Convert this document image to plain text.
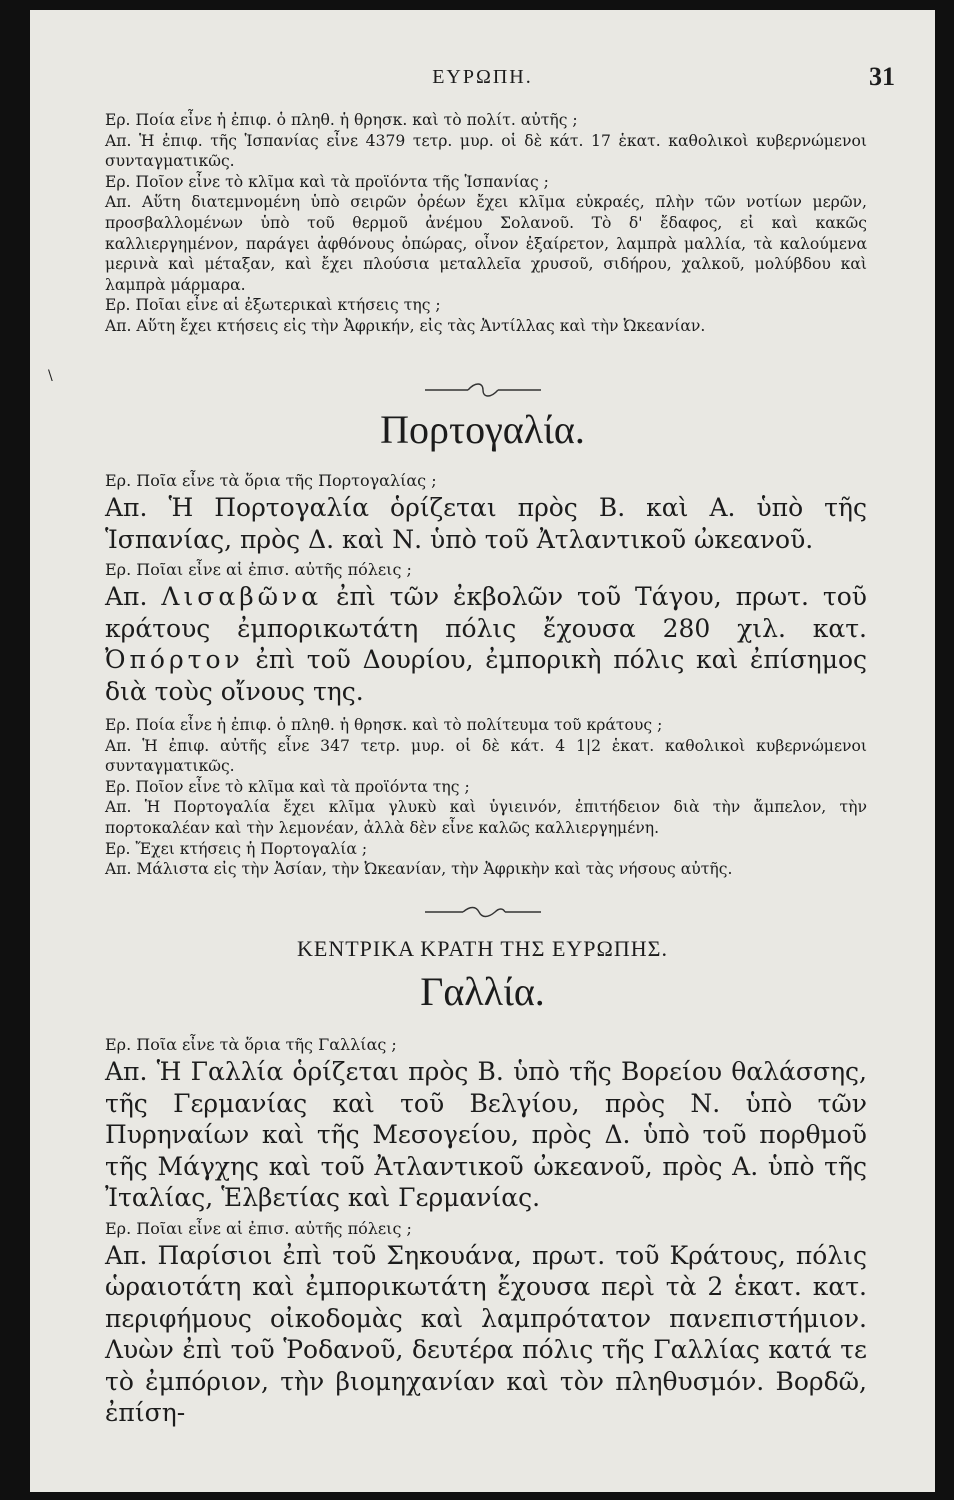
ΕΥΡΩΠΗ.	31

Ερ. Ποία εἶνε ἡ ἐπιφ. ὁ πληθ. ἡ θρησκ. καὶ τὸ πολίτ. αὐτῆς ;

Απ. Ἡ ἐπιφ. τῆς Ἱσπανίας εἶνε 4379 τετρ. μυρ. οἱ δὲ κάτ. 17 ἑκατ. καθολικοὶ κυβερνώμενοι συνταγματικῶς.

Ερ. Ποῖον εἶνε τὸ κλῖμα καὶ τὰ προϊόντα τῆς Ἱσπανίας ;

Απ. Αὕτη διατεμνομένη ὑπὸ σειρῶν ὀρέων ἔχει κλῖμα εὐκραές, πλὴν τῶν νοτίων μερῶν, προσβαλλομένων ὑπὸ τοῦ θερμοῦ ἀνέμου Σολανοῦ. Τὸ δ' ἔδαφος, εἰ καὶ κακῶς καλλιεργημένον, παράγει ἀφθόνους ὀπώρας, οἶνον ἐξαίρετον, λαμπρὰ μαλλία, τὰ καλούμενα μερινὰ καὶ μέταξαν, καὶ ἔχει πλούσια μεταλλεῖα χρυσοῦ, σιδήρου, χαλκοῦ, μολύβδου καὶ λαμπρὰ μάρμαρα.

Ερ. Ποῖαι εἶνε αἱ ἐξωτερικαὶ κτήσεις της ;

Απ. Αὕτη ἔχει κτήσεις εἰς τὴν Ἀφρικήν, εἰς τὰς Ἀντίλλας καὶ τὴν Ὠκεανίαν.

\
Πορτογαλία.

Ερ. Ποῖα εἶνε τὰ ὅρια τῆς Πορτογαλίας ;

Απ. Ἡ Πορτογαλία ὁρίζεται πρὸς Β. καὶ Α. ὑπὸ τῆς Ἱσπανίας, πρὸς Δ. καὶ Ν. ὑπὸ τοῦ Ἀτλαντικοῦ ὠκεανοῦ.

Ερ. Ποῖαι εἶνε αἱ ἐπισ. αὐτῆς πόλεις ;

Απ. Λισαβῶνα ἐπὶ τῶν ἐκβολῶν τοῦ Τάγου, πρωτ. τοῦ κράτους ἐμπορικωτάτη πόλις ἔχουσα 280 χιλ. κατ. Ὀπόρτον ἐπὶ τοῦ Δουρίου, ἐμπορικὴ πόλις καὶ ἐπίσημος διὰ τοὺς οἴνους της.

Ερ. Ποία εἶνε ἡ ἐπιφ. ὁ πληθ. ἡ θρησκ. καὶ τὸ πολίτευμα τοῦ κράτους ;

Απ. Ἡ ἐπιφ. αὐτῆς εἶνε 347 τετρ. μυρ. οἱ δὲ κάτ. 4 1|2 ἑκατ. καθολικοὶ κυβερνώμενοι συνταγματικῶς.

Ερ. Ποῖον εἶνε τὸ κλῖμα καὶ τὰ προϊόντα της ;

Απ. Ἡ Πορτογαλία ἔχει κλῖμα γλυκὺ καὶ ὑγιεινόν, ἐπιτήδειον διὰ τὴν ἄμπελον, τὴν πορτοκαλέαν καὶ τὴν λεμονέαν, ἀλλὰ δὲν εἶνε καλῶς καλλιεργημένη.

Ερ. Ἔχει κτήσεις ἡ Πορτογαλία ;

Απ. Μάλιστα εἰς τὴν Ἀσίαν, τὴν Ὠκεανίαν, τὴν Ἀφρικὴν καὶ τὰς νήσους αὐτῆς.

ΚΕΝΤΡΙΚΑ ΚΡΑΤΗ ΤΗΣ ΕΥΡΩΠΗΣ.
Γαλλία.

Ερ. Ποῖα εἶνε τὰ ὅρια τῆς Γαλλίας ;

Απ. Ἡ Γαλλία ὁρίζεται πρὸς Β. ὑπὸ τῆς Βορείου θαλάσσης, τῆς Γερμανίας καὶ τοῦ Βελγίου, πρὸς Ν. ὑπὸ τῶν Πυρηναίων καὶ τῆς Μεσογείου, πρὸς Δ. ὑπὸ τοῦ πορθμοῦ τῆς Μάγχης καὶ τοῦ Ἀτλαντικοῦ ὠκεανοῦ, πρὸς Α. ὑπὸ τῆς Ἰταλίας, Ἑλβετίας καὶ Γερμανίας.

Ερ. Ποῖαι εἶνε αἱ ἐπισ. αὐτῆς πόλεις ;

Απ. Παρίσιοι ἐπὶ τοῦ Σηκουάνα, πρωτ. τοῦ Κράτους, πόλις ὡραιοτάτη καὶ ἐμπορικωτάτη ἔχουσα περὶ τὰ 2 ἑκατ. κατ. περιφήμους οἰκοδομὰς καὶ λαμπρότατον πανεπιστήμιον. Λυὼν ἐπὶ τοῦ Ῥοδανοῦ, δευτέρα πόλις τῆς Γαλλίας κατά τε τὸ ἐμπόριον, τὴν βιομηχανίαν καὶ τὸν πληθυσμόν. Βορδῶ, ἐπίση-
